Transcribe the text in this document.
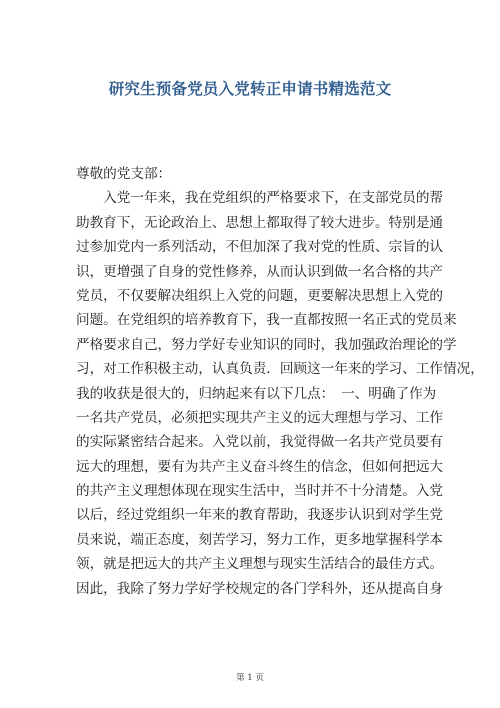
研究生预备党员入党转正申请书精选范文
尊敬的党支部：
　　入党一年来，我在党组织的严格要求下，在支部党员的帮
助教育下，无论政治上、思想上都取得了较大进步。特别是通
过参加党内一系列活动，不但加深了我对党的性质、宗旨的认
识，更增强了自身的党性修养，从而认识到做一名合格的共产
党员，不仅要解决组织上入党的问题，更要解决思想上入党的
问题。在党组织的培养教育下，我一直都按照一名正式的党员来
严格要求自己，努力学好专业知识的同时，我加强政治理论的学
习，对工作积极主动，认真负责．回顾这一年来的学习、工作情况，
我的收获是很大的，归纳起来有以下几点：　一、明确了作为
一名共产党员，必须把实现共产主义的远大理想与学习、工作
的实际紧密结合起来。入党以前，我觉得做一名共产党员要有
远大的理想，要有为共产主义奋斗终生的信念，但如何把远大
的共产主义理想体现在现实生活中，当时并不十分清楚。入党
以后，经过党组织一年来的教育帮助，我逐步认识到对学生党
员来说，端正态度，刻苦学习，努力工作，更多地掌握科学本
领，就是把远大的共产主义理想与现实生活结合的最佳方式。
因此，我除了努力学好学校规定的各门学科外，还从提高自身
第 1 页
